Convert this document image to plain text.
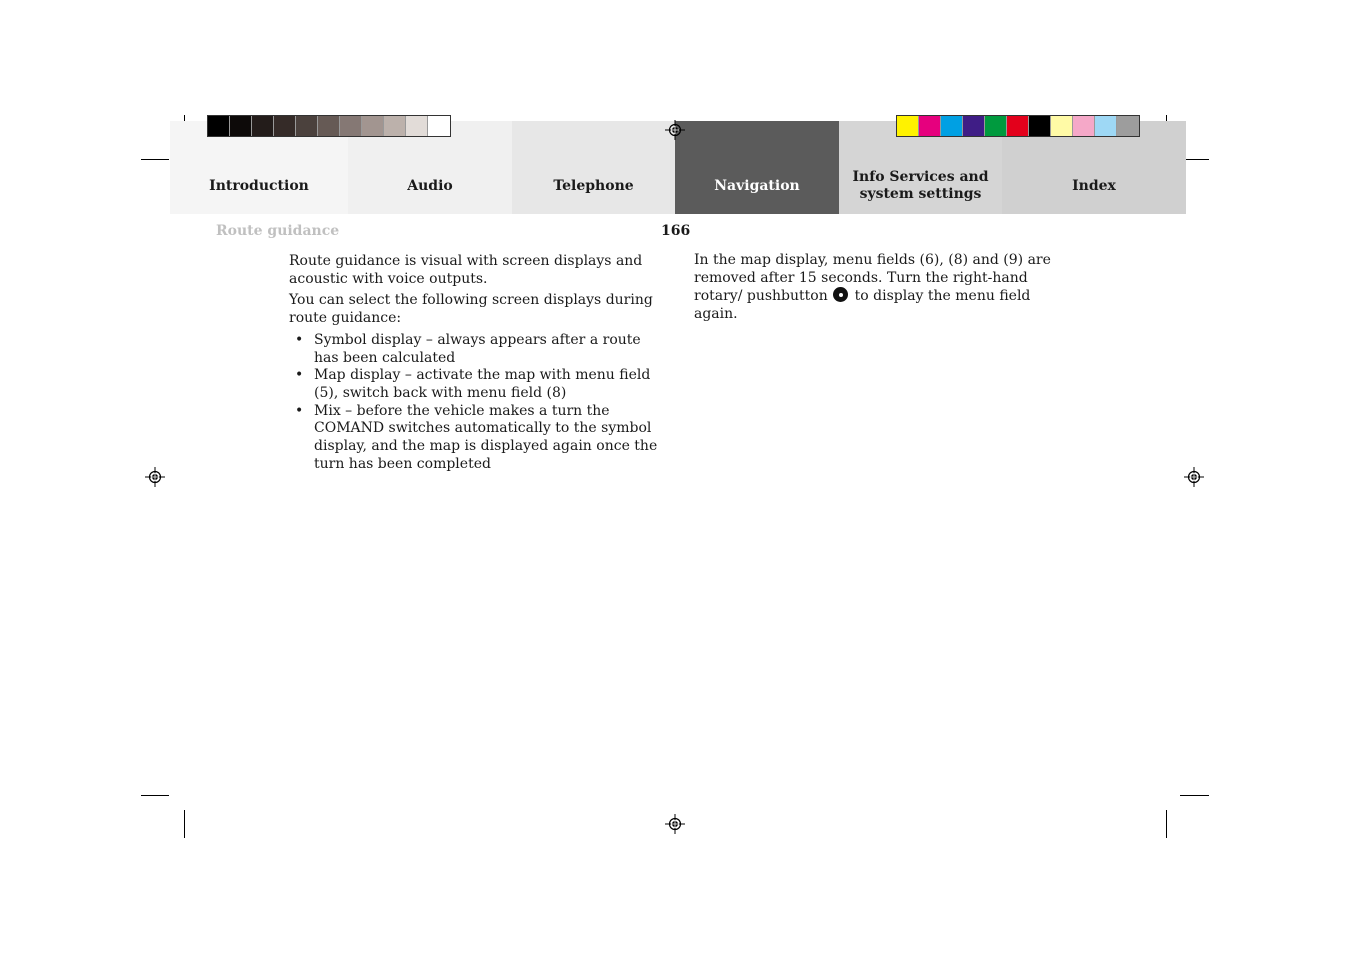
Introduction	Audio	Telephone	Navigation
Info Services and
system settings	Index
Route guidance	166

Route guidance is visual with screen displays and acoustic with voice outputs.

You can select the following screen displays during route guidance:

• Symbol display – always appears after a route has been calculated
• Map display – activate the map with menu field (5), switch back with menu field (8)
• Mix – before the vehicle makes a turn the COMAND switches automatically to the symbol display, and the map is displayed again once the turn has been completed

In the map display, menu fields (6), (8) and (9) are removed after 15 seconds. Turn the right-hand rotary/ pushbutton to display the menu field again.
